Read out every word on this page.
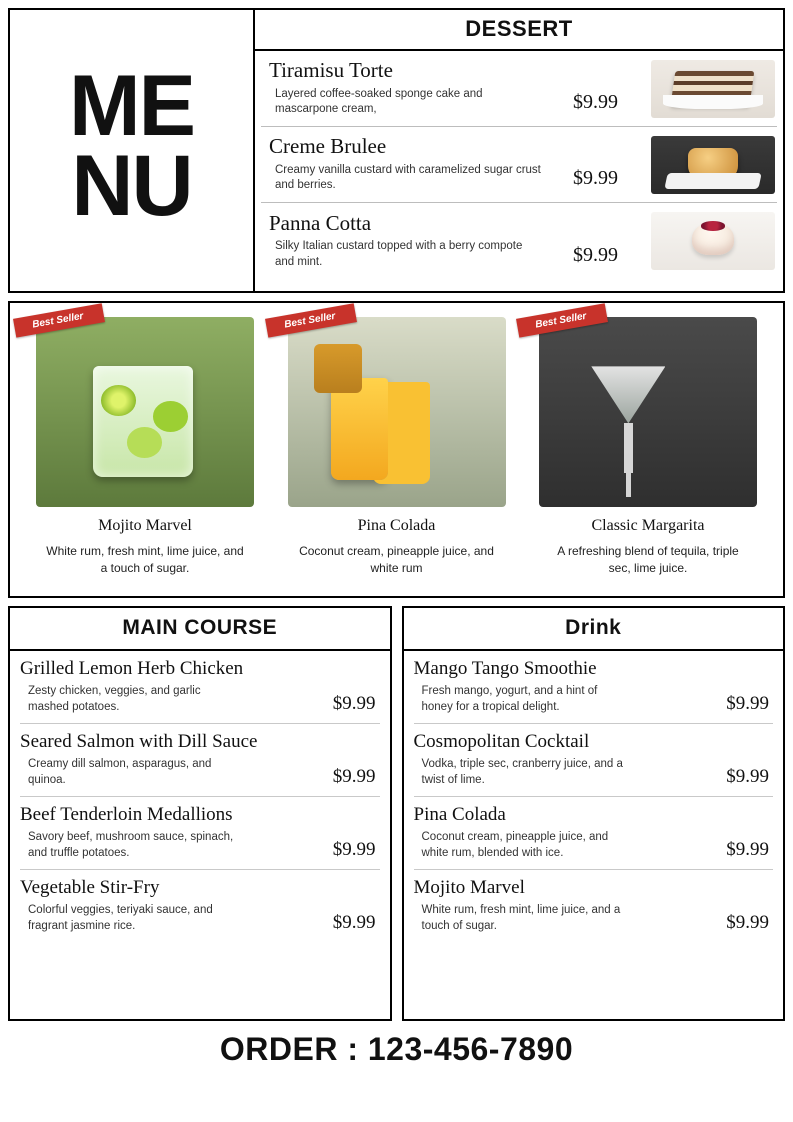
ME
NU
DESSERT
Tiramisu Torte
Layered coffee-soaked sponge cake and mascarpone cream,	$9.99
Creme Brulee
Creamy vanilla custard with caramelized sugar crust and berries.	$9.99
Panna Cotta
Silky Italian custard topped with a berry compote and mint.	$9.99
Best Seller
Mojito Marvel
White rum, fresh mint, lime juice, and a touch of sugar.
Best Seller
Pina Colada
Coconut cream, pineapple juice, and white rum
Best Seller
Classic Margarita
A refreshing blend of tequila, triple sec, lime juice.
MAIN COURSE
Grilled Lemon Herb Chicken
Zesty chicken, veggies, and garlic mashed potatoes.	$9.99
Seared Salmon with Dill Sauce
Creamy dill salmon, asparagus, and quinoa.	$9.99
Beef Tenderloin Medallions
Savory beef, mushroom sauce, spinach, and truffle potatoes.	$9.99
Vegetable Stir-Fry
Colorful veggies, teriyaki sauce, and fragrant jasmine rice.	$9.99
Drink
Mango Tango Smoothie
Fresh mango, yogurt, and a hint of honey for a tropical delight.	$9.99
Cosmopolitan Cocktail
Vodka, triple sec, cranberry juice, and a twist of lime.	$9.99
Pina Colada
Coconut cream, pineapple juice, and white rum, blended with ice.	$9.99
Mojito Marvel
White rum, fresh mint, lime juice, and a touch of sugar.	$9.99
ORDER : 123-456-7890
